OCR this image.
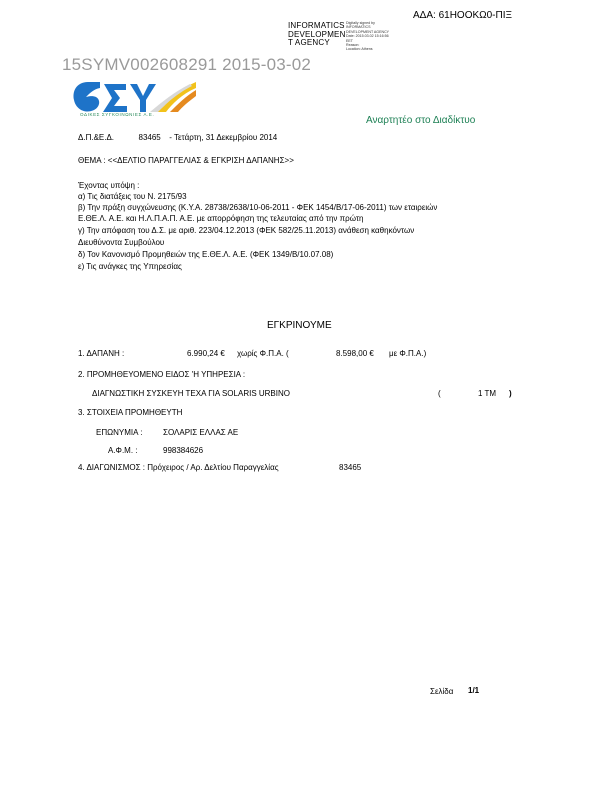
ΑΔΑ: 61ΗΟΟΚΩ0-ΠΙΞ
INFORMATICS
DEVELOPMEN
T AGENCY
Digitally signed by
INFORMATICS
DEVELOPMENT AGENCY
Date: 2015.03.02 15:16:56
EET
Reason:
Location: Athens
15SYMV002608291 2015-03-02
ΟΔΙΚΕΣ ΣΥΓΚΟΙΝΩΝΙΕΣ Α.Ε.
Αναρτητέο στο Διαδίκτυο
Δ.Π.&Ε.Δ.	83465 - Τετάρτη, 31 Δεκεμβρίου 2014
ΘΕΜΑ : <<ΔΕΛΤΙΟ ΠΑΡΑΓΓΕΛΙΑΣ & ΕΓΚΡΙΣΗ ΔΑΠΑΝΗΣ>>
Έχοντας υπόψη :
α) Τις διατάξεις του Ν. 2175/93
β) Την πράξη συγχώνευσης (Κ.Υ.Α. 28738/2638/10-06-2011 - ΦΕΚ 1454/Β/17-06-2011) των εταιρειών
Ε.ΘΕ.Λ. Α.Ε. και Η.Λ.Π.Α.Π. Α.Ε. με απορρόφηση της τελευταίας από την πρώτη
γ) Την απόφαση του Δ.Σ. με αριθ. 223/04.12.2013 (ΦΕΚ 582/25.11.2013) ανάθεση καθηκόντων
Διευθύνοντα Συμβούλου
δ) Τον Κανονισμό Προμηθειών της Ε.ΘΕ.Λ. Α.Ε. (ΦΕΚ 1349/Β/10.07.08)
ε) Τις ανάγκες της Υπηρεσίας
ΕΓΚΡΙΝΟΥΜΕ
1. ΔΑΠΑΝΗ :	6.990,24 € χωρίς Φ.Π.Α. (	8.598,00 € με Φ.Π.Α.)
2. ΠΡΟΜΗΘΕΥΟΜΕΝΟ ΕΙΔΟΣ 'Η ΥΠΗΡΕΣΙΑ :
ΔΙΑΓΝΩΣΤΙΚΗ ΣΥΣΚΕΥΗ ΤΕΧΑ ΓΙΑ SOLARIS URBINO	(	1 ΤΜ )
3. ΣΤΟΙΧΕΙΑ ΠΡΟΜΗΘΕΥΤΗ
ΕΠΩΝΥΜΙΑ :	ΣΟΛΑΡΙΣ ΕΛΛΑΣ ΑΕ
Α.Φ.Μ. :	998384626
4. ΔΙΑΓΩΝΙΣΜΟΣ : Πρόχειρος / Αρ. Δελτίου Παραγγελίας	83465
Σελίδα 1/1
